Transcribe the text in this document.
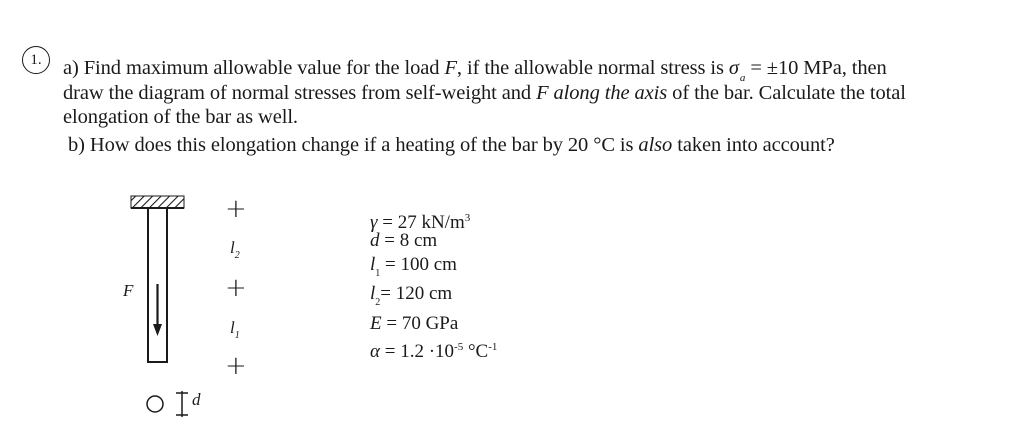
1.	a) Find maximum allowable value for the load F, if the allowable normal stress is $\sigma_a = \pm 10$ MPa, then
draw the diagram of normal stresses from self-weight and F along the axis of the bar. Calculate the total
elongation of the bar as well.
b) How does this elongation change if a heating of the bar by 20 °C is also taken into account?
γ = 27 $kN/m^3$
d = 8 cm
$l_1 = 100$ cm
$l_2= 120$ cm
E = 70 GPa
$\alpha = 1.2 \cdot 10^{-5}$ $^\circ C^{-1}$
F
d
+
+
+
$l_2$
$l_1$
